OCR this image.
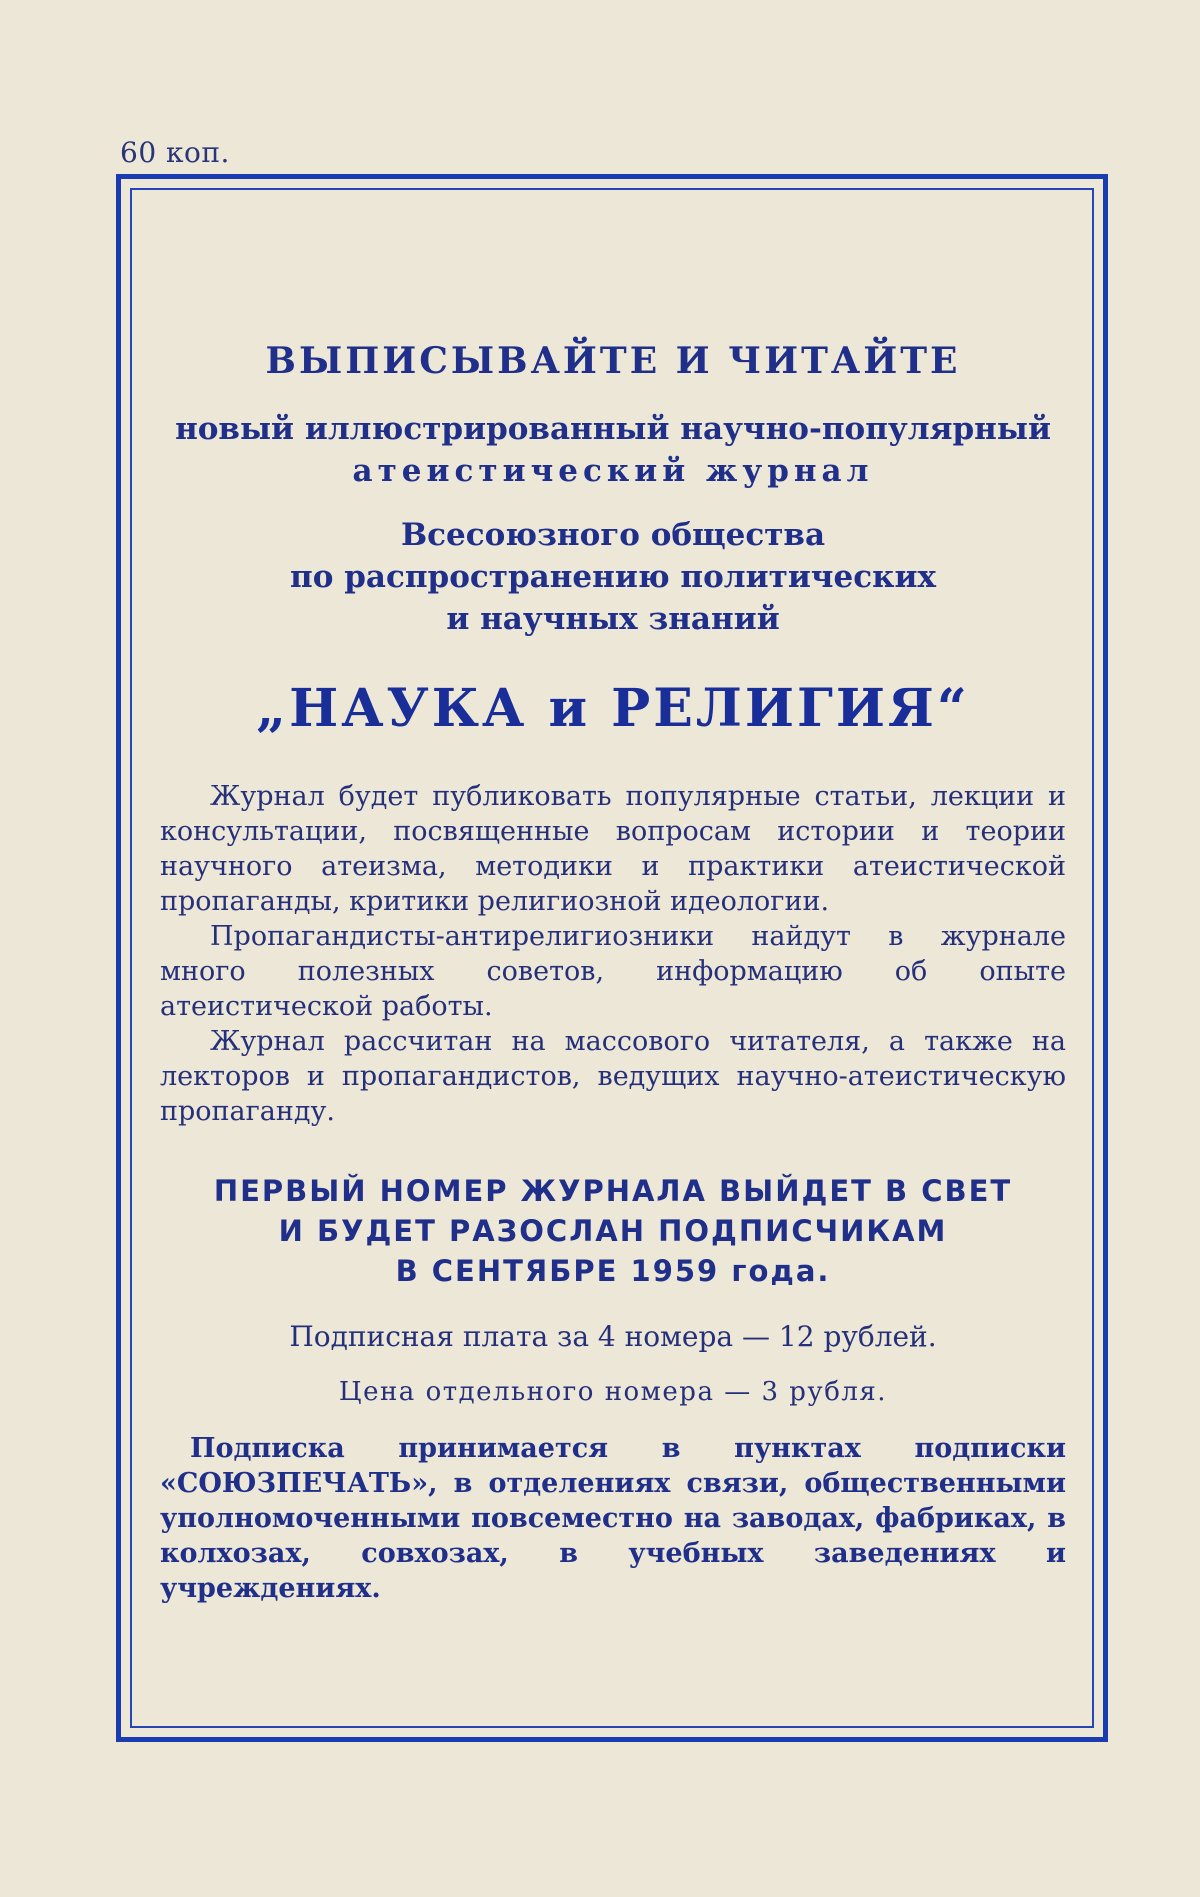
60 коп.
ВЫПИСЫВАЙТЕ И ЧИТАЙТЕ

новый иллюстрированный научно-популярный

атеистический журнал

Всесоюзного общества
по распространению политических
и научных знаний
„НАУКА и РЕЛИГИЯ“

Журнал будет публиковать популярные статьи, лекции и консультации, посвященные вопросам истории и теории научного атеизма, методики и практики атеистической пропаганды, критики религиозной идеологии.

Пропагандисты-антирелигиозники найдут в журнале много полезных советов, информацию об опыте атеистической работы.

Журнал рассчитан на массового читателя, а также на лекторов и пропагандистов, ведущих научно-атеистическую пропаганду.

ПЕРВЫЙ НОМЕР ЖУРНАЛА ВЫЙДЕТ В СВЕТ
И БУДЕТ РАЗОСЛАН ПОДПИСЧИКАМ
В СЕНТЯБРЕ 1959 года.

Подписная плата за 4 номера — 12 рублей.

Цена отдельного номера — 3 рубля.

Подписка принимается в пунктах подписки «СОЮЗПЕЧАТЬ», в отделениях связи, общественными уполномоченными повсеместно на заводах, фабриках, в колхозах, совхозах, в учебных заведениях и учреждениях.
